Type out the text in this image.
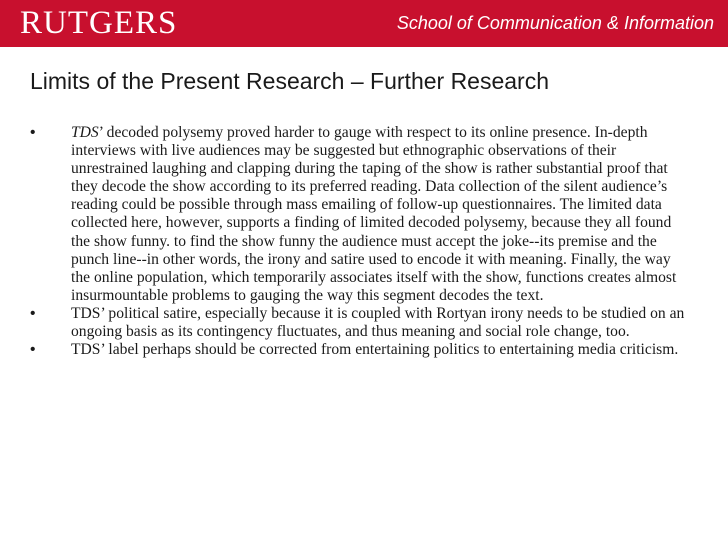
RUTGERS	School of Communication & Information
Limits of the Present Research – Further Research
• TDS’ decoded polysemy proved harder to gauge with respect to its online presence. In-depth interviews with live audiences may be suggested but ethnographic observations of their unrestrained laughing and clapping during the taping of the show is rather substantial proof that they decode the show according to its preferred reading. Data collection of the silent audience’s reading could be possible through mass emailing of follow-up questionnaires. The limited data collected here, however, supports a finding of limited decoded polysemy, because they all found the show funny. to find the show funny the audience must accept the joke--its premise and the punch line--in other words, the irony and satire used to encode it with meaning. Finally, the way the online population, which temporarily associates itself with the show, functions creates almost insurmountable problems to gauging the way this segment decodes the text.
• TDS’ political satire, especially because it is coupled with Rortyan irony needs to be studied on an ongoing basis as its contingency fluctuates, and thus meaning and social role change, too.
• TDS’ label perhaps should be corrected from entertaining politics to entertaining media criticism.
